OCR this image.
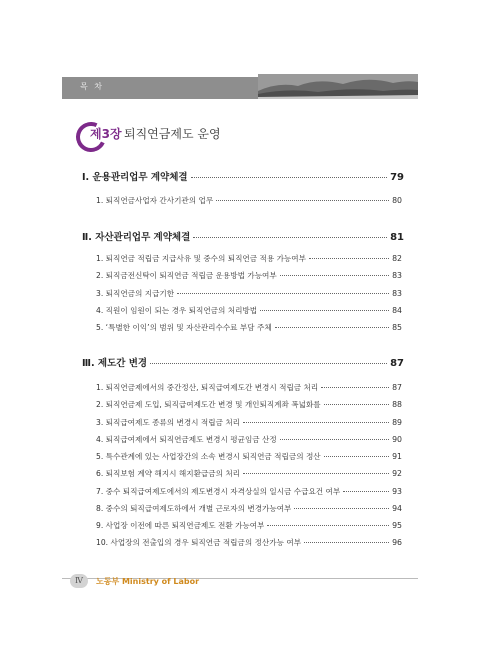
목 차
제3장 퇴직연금제도 운영
Ⅰ. 운용관리업무 계약체결	79
1. 퇴직연금사업자 간사기관의 업무	80
Ⅱ. 자산관리업무 계약체결	81
1. 퇴직연금 적립금 지급사유 및 중수의 퇴직연금 적용 가능여부	82
2. 퇴직금전신탁이 퇴직연금 적립금 운용방법 가능여부	83
3. 퇴직연금의 지급기한	83
4. 직원이 임원이 되는 경우 퇴직연금의 처리방법	84
5. ‘특별한 이익’의 범위 및 자산관리수수료 부담 주체	85
Ⅲ. 제도간 변경	87
1. 퇴직연금제에서의 중간정산, 퇴직급여제도간 변경시 적립금 처리	87
2. 퇴직연금제 도입, 퇴직급여제도간 변경 및 개인퇴직계좌 폭넓화를	88
3. 퇴직급여제도 종류의 변경시 적립금 처리	89
4. 퇴직급여제에서 퇴직연금제도 변경시 평균임금 산정	90
5. 특수관계에 있는 사업장간의 소속 변경시 퇴직연금 적립금의 정산	91
6. 퇴직보험 계약 해지시 해지환급금의 처리	92
7. 중수 퇴직급여제도에서의 제도변경시 자격상실의 일시금 수급요건 여부	93
8. 중수의 퇴직급여제도하에서 개별 근로자의 변경가능여부	94
9. 사업장 이전에 따른 퇴직연금제도 전환 가능여부	95
10. 사업장의 전출입의 경우 퇴직연금 적립금의 정산가능 여부	96
Ⅳ	노동부 Ministry of Labor
